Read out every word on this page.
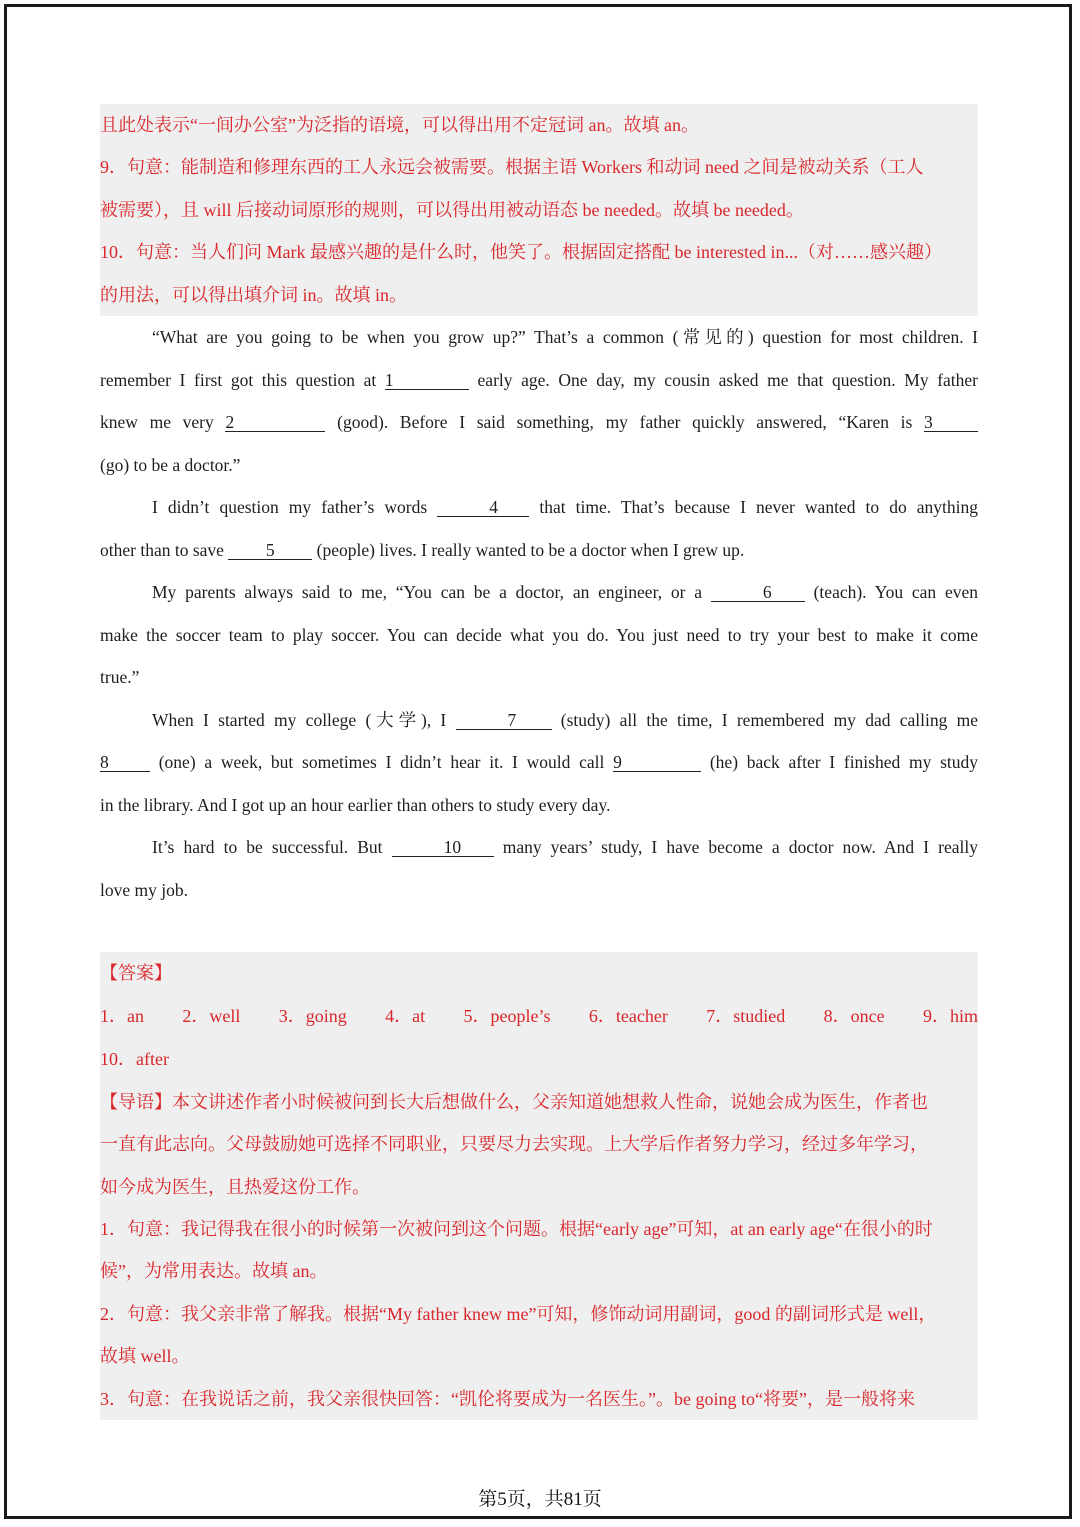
且此处表示“一间办公室”为泛指的语境，可以得出用不定冠词 an。故填 an。
9．句意：能制造和修理东西的工人永远会被需要。根据主语 Workers 和动词 need 之间是被动关系（工人
被需要），且 will 后接动词原形的规则，可以得出用被动语态 be needed。故填 be needed。
10．句意：当人们问 Mark 最感兴趣的是什么时，他笑了。根据固定搭配 be interested in...（对……感兴趣）
的用法，可以得出填介词 in。故填 in。
“What are you going to be when you grow up?” That’s a common (常见的) question for most children. I
remember I first got this question at 1	early age. One day, my cousin asked me that question. My father
knew me very 2	(good). Before I said something, my father quickly answered, “Karen is 3
(go) to be a doctor.”
I didn’t question my father’s words	4 that time. That’s because I never wanted to do anything
other than to save 5 (people) lives. I really wanted to be a doctor when I grew up.
My parents always said to me, “You can be a doctor, an engineer, or a	6 (teach). You can even
make the soccer team to play soccer. You can decide what you do. You just need to try your best to make it come
true.”
When I started my college (大学), I	7	(study) all the time, I remembered my dad calling me
8	(one) a week, but sometimes I didn’t hear it. I would call 9	(he) back after I finished my study
in the library. And I got up an hour earlier than others to study every day.
It’s hard to be successful. But	10 many years’ study, I have become a doctor now. And I really
love my job.
【答案】
1．an 2．well 3．going 4．at 5．people’s 6．teacher 7．studied 8．once 9．him
10．after
【导语】本文讲述作者小时候被问到长大后想做什么，父亲知道她想救人性命，说她会成为医生，作者也
一直有此志向。父母鼓励她可选择不同职业，只要尽力去实现。上大学后作者努力学习，经过多年学习，
如今成为医生，且热爱这份工作。
1．句意：我记得我在很小的时候第一次被问到这个问题。根据“early age”可知，at an early age“在很小的时
候”，为常用表达。故填 an。
2．句意：我父亲非常了解我。根据“My father knew me”可知，修饰动词用副词，good 的副词形式是 well，
故填 well。
3．句意：在我说话之前，我父亲很快回答：“凯伦将要成为一名医生。”。be going to“将要”，是一般将来
第5页，共81页
